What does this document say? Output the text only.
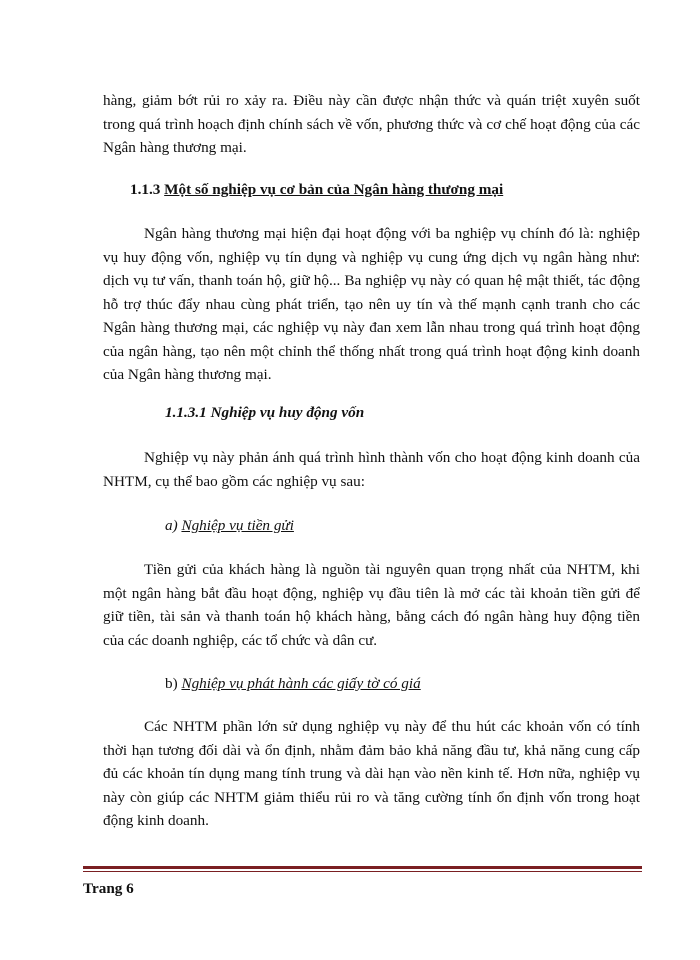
hàng, giảm bớt rủi ro xảy ra. Điều này cần được nhận thức và quán triệt xuyên suốt trong quá trình hoạch định chính sách về vốn, phương thức và cơ chế hoạt động của các Ngân hàng thương mại.

1.1.3 Một số nghiệp vụ cơ bản của Ngân hàng thương mại

Ngân hàng thương mại hiện đại hoạt động với ba nghiệp vụ chính đó là: nghiệp vụ huy động vốn, nghiệp vụ tín dụng và nghiệp vụ cung ứng dịch vụ ngân hàng như: dịch vụ tư vấn, thanh toán hộ, giữ hộ... Ba nghiệp vụ này có quan hệ mật thiết, tác động hỗ trợ thúc đẩy nhau cùng phát triển, tạo nên uy tín và thế mạnh cạnh tranh cho các Ngân hàng thương mại, các nghiệp vụ này đan xem lẫn nhau trong quá trình hoạt động của ngân hàng, tạo nên một chỉnh thể thống nhất trong quá trình hoạt động kinh doanh của Ngân hàng thương mại.

1.1.3.1 Nghiệp vụ huy động vốn

Nghiệp vụ này phản ánh quá trình hình thành vốn cho hoạt động kinh doanh của NHTM, cụ thể bao gồm các nghiệp vụ sau:

a) Nghiệp vụ tiền gửi

Tiền gửi của khách hàng là nguồn tài nguyên quan trọng nhất của NHTM, khi một ngân hàng bắt đầu hoạt động, nghiệp vụ đầu tiên là mở các tài khoản tiền gửi để giữ tiền, tài sản và thanh toán hộ khách hàng, bằng cách đó ngân hàng huy động tiền của các doanh nghiệp, các tổ chức và dân cư.

b) Nghiệp vụ phát hành các giấy tờ có giá

Các NHTM phần lớn sử dụng nghiệp vụ này để thu hút các khoản vốn có tính thời hạn tương đối dài và ổn định, nhằm đảm bảo khả năng đầu tư, khả năng cung cấp đủ các khoản tín dụng mang tính trung và dài hạn vào nền kinh tế. Hơn nữa, nghiệp vụ này còn giúp các NHTM giảm thiểu rủi ro và tăng cường tính ổn định vốn trong hoạt động kinh doanh.

Trang 6
